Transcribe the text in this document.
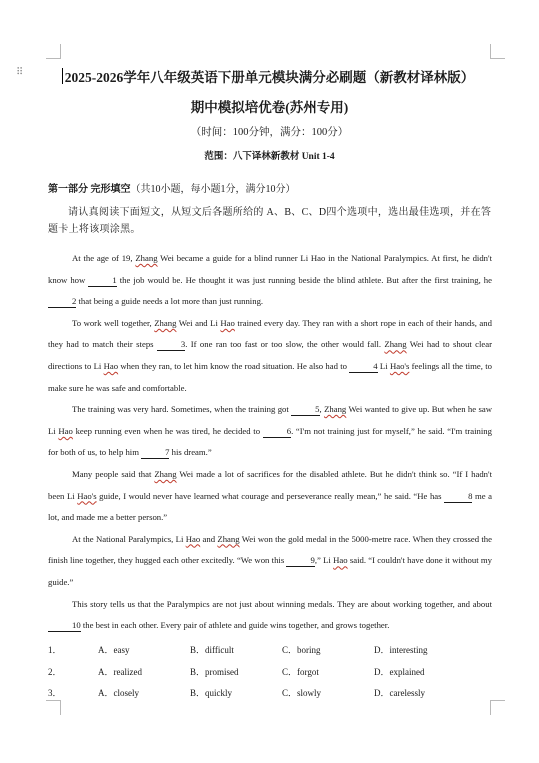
⠿	2025-2026学年八年级英语下册单元模块满分必刷题（新教材译林版）
期中模拟培优卷(苏州专用)
（时间：100分钟，满分：100分）
范围：八下译林新教材 Unit 1-4
第一部分 完形填空（共10小题，每小题1分，满分10分）
请认真阅读下面短文，从短文后各题所给的 A、B、C、D四个选项中，选出最佳选项，并在答题卡上将该项涂黑。

At the age of 19, Zhang Wei became a guide for a blind runner Li Hao in the National Paralympics. At first, he didn't know how	1 the job would be. He thought it was just running beside the blind athlete. But after the first training, he 2 that being a guide needs a lot more than just running.

To work well together, Zhang Wei and Li Hao trained every day. They ran with a short rope in each of their hands, and they had to match their steps	3. If one ran too fast or too slow, the other would fall. Zhang Wei had to shout clear directions to Li Hao when they ran, to let him know the road situation. He also had to	4 Li Hao's feelings all the time, to make sure he was safe and comfortable.

The training was very hard. Sometimes, when the training got	5, Zhang Wei wanted to give up. But when he saw Li Hao keep running even when he was tired, he decided to	6. “I'm not training just for myself,” he said. “I'm training for both of us, to help him	7 his dream.”

Many people said that Zhang Wei made a lot of sacrifices for the disabled athlete. But he didn't think so. “If I hadn't been Li Hao's guide, I would never have learned what courage and perseverance really mean,” he said. “He has	8 me a lot, and made me a better person.”

At the National Paralympics, Li Hao and Zhang Wei won the gold medal in the 5000-metre race. When they crossed the finish line together, they hugged each other excitedly. “We won this	9,” Li Hao said. “I couldn't have done it without my guide.”

This story tells us that the Paralympics are not just about winning medals. They are about working together, and about 10 the best in each other. Every pair of athlete and guide wins together, and grows together.

1．	A．easy	B．difficult	C．boring	D．interesting
2．	A．realized	B．promised	C．forgot	D．explained
3．	A．closely	B．quickly	C．slowly	D．carelessly
